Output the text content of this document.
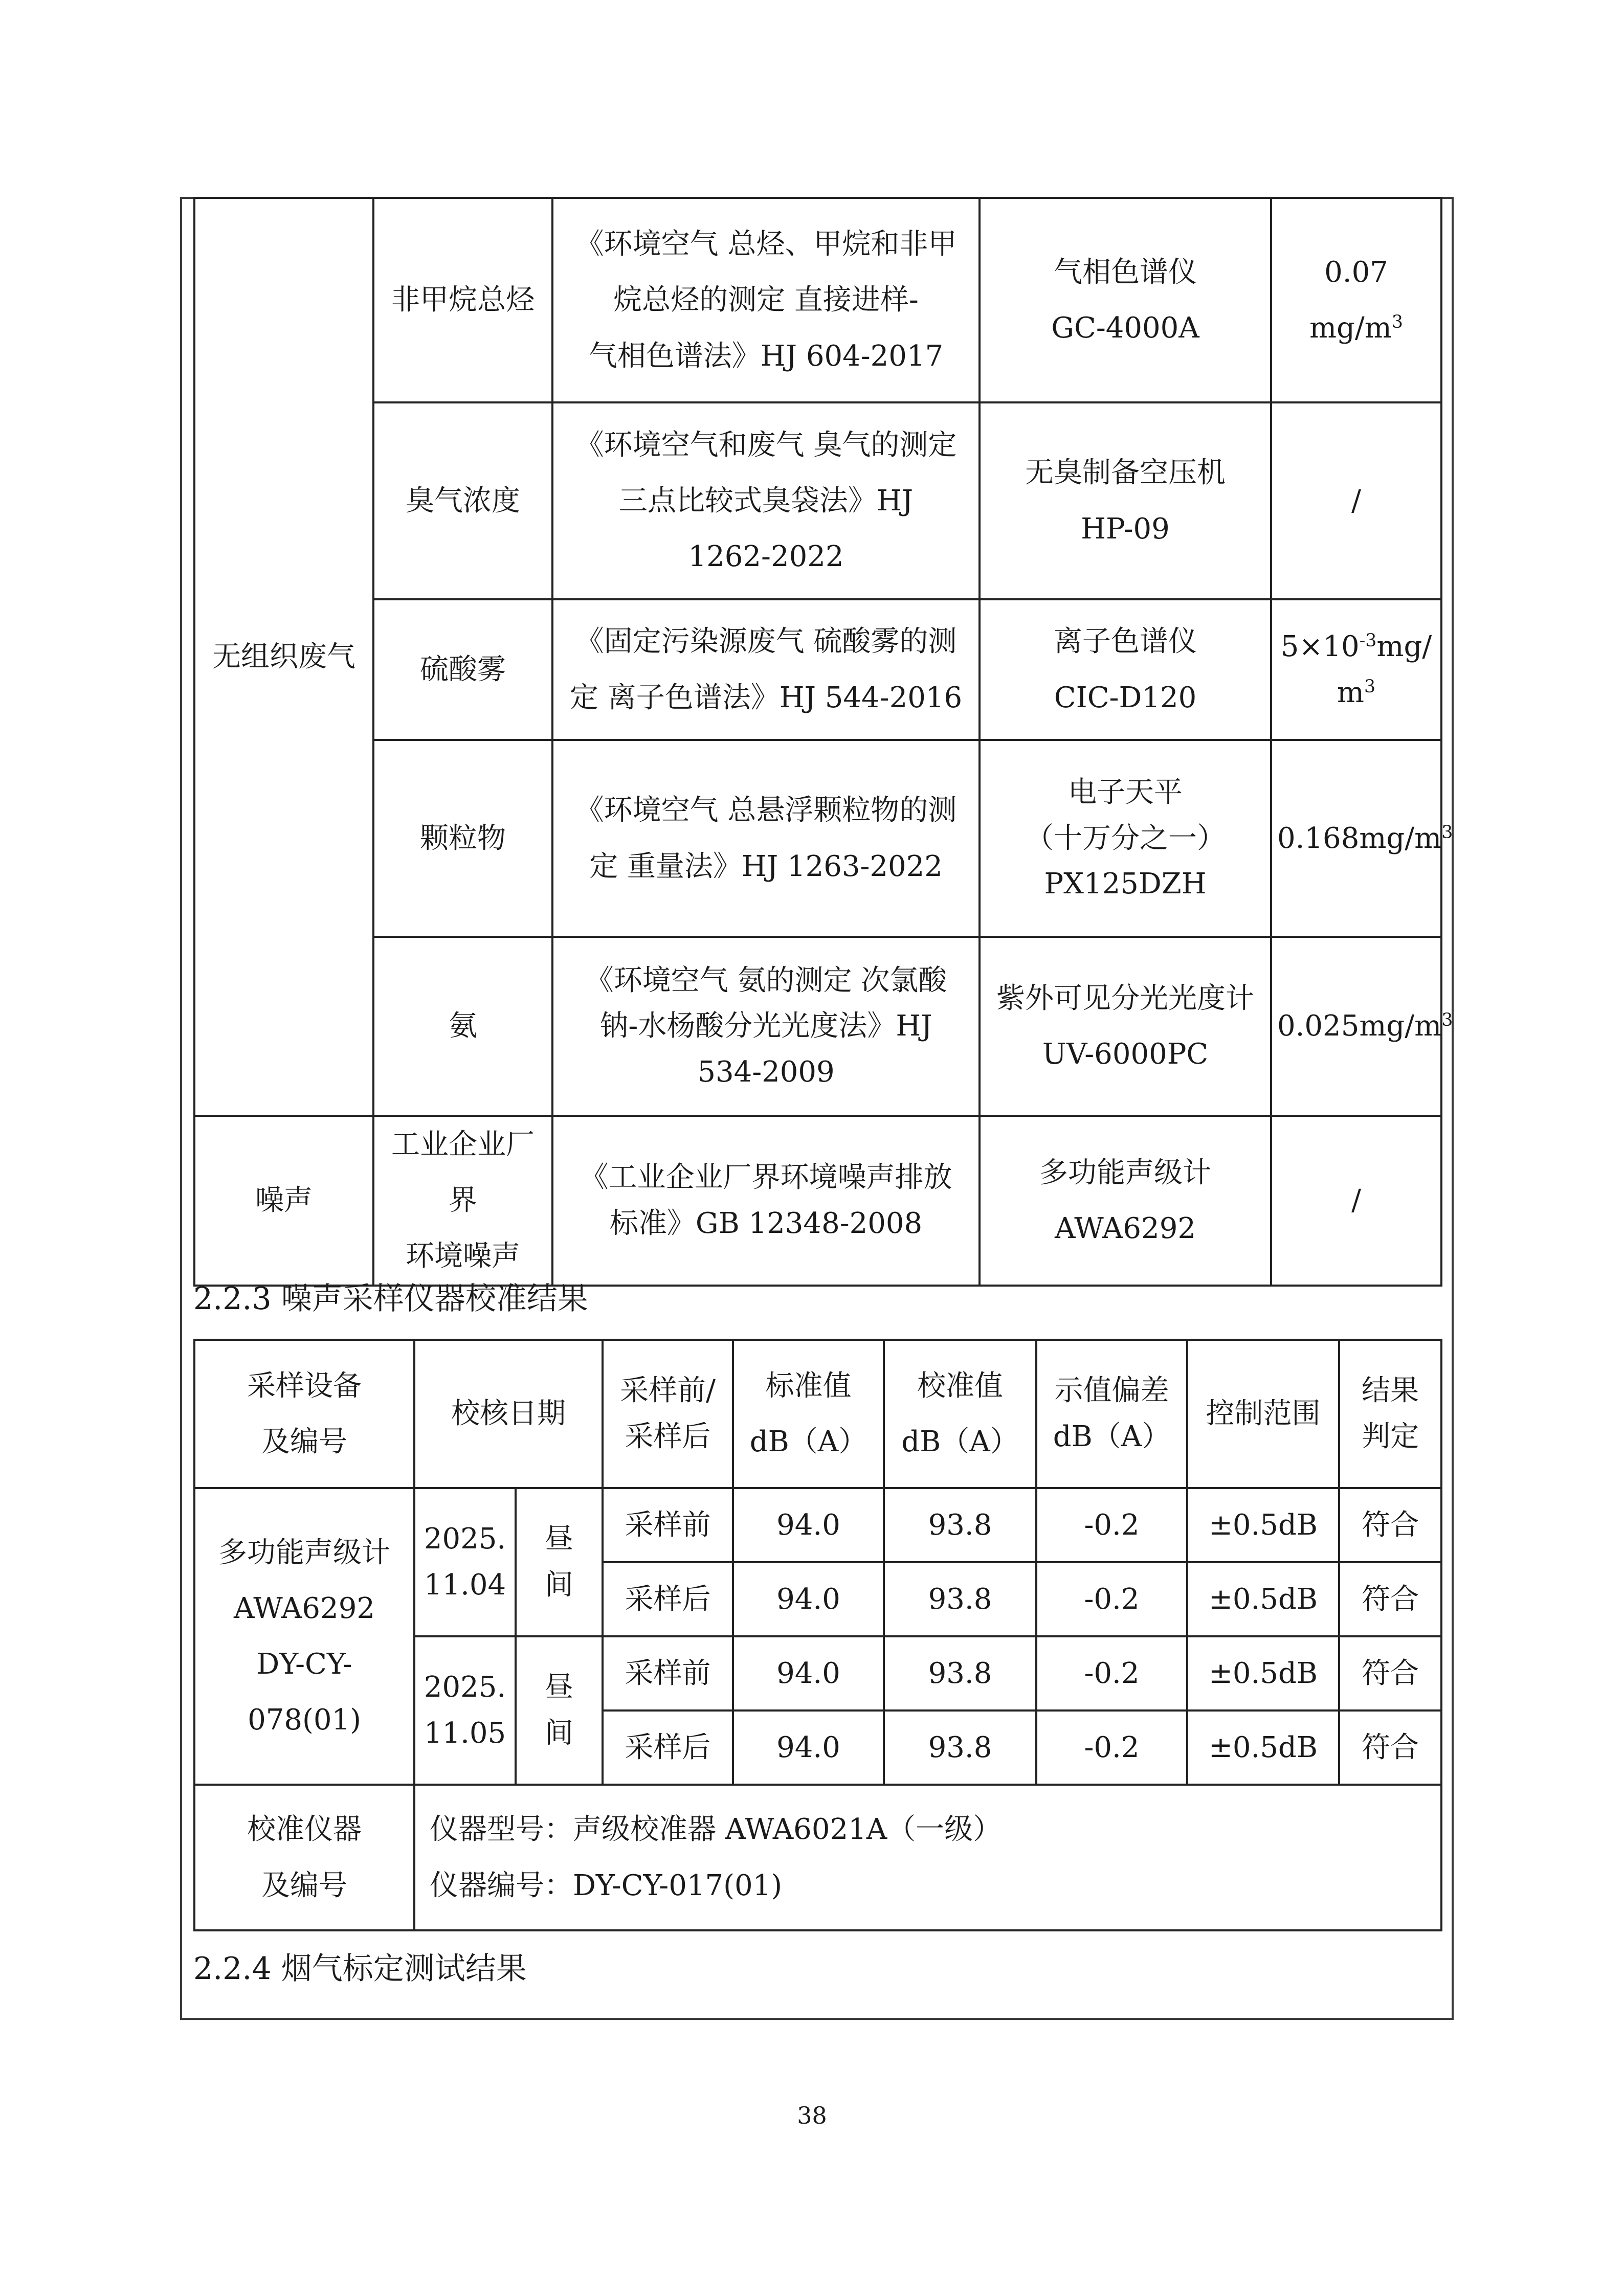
无组织废气	非甲烷总烃	《环境空气 总烃、甲烷和非甲
烷总烃的测定 直接进样-
气相色谱法》HJ 604-2017	气相色谱仪
GC-4000A	0.07 $mg/m^3$
	臭气浓度	《环境空气和废气 臭气的测定
三点比较式臭袋法》HJ
1262-2022	无臭制备空压机
HP-09	/
	硫酸雾	《固定污染源废气 硫酸雾的测
定 离子色谱法》HJ 544-2016	离子色谱仪
CIC-D120	$5\times 10^{-3}mg/$
$m^3$

	颗粒物	《环境空气 总悬浮颗粒物的测
定 重量法》HJ 1263-2022	电子天平
（十万分之一）
PX125DZH	$0.168mg/m^3$
	氨	《环境空气 氨的测定 次氯酸
钠-水杨酸分光光度法》HJ
534-2009	紫外可见分光光度计
UV-6000PC	$0.025mg/m^3$
噪声	工业企业厂界
环境噪声	《工业企业厂界环境噪声排放
标准》GB 12348-2008	多功能声级计
AWA6292	/
2.2.3 噪声采样仪器校准结果
采样设备
及编号	校核日期		采样前/
采样后	标准值
dB（A）	校准值
dB（A）	示值偏差
dB（A）	控制范围	结果
判定

多功能声级计
AWA6292
DY-CY-078(01)	2025.
11.04	昼
间	采样前	94.0	93.8	-0.2	±0.5dB	符合
			采样后	94.0	93.8	-0.2	±0.5dB	符合

	2025.
11.05	昼
间	采样前	94.0	93.8	-0.2	±0.5dB	符合
			采样后	94.0	93.8	-0.2	±0.5dB	符合

校准仪器
及编号	仪器型号：声级校准器 AWA6021A（一级）
仪器编号：DY-CY-017(01)							
2.2.4 烟气标定测试结果
38
